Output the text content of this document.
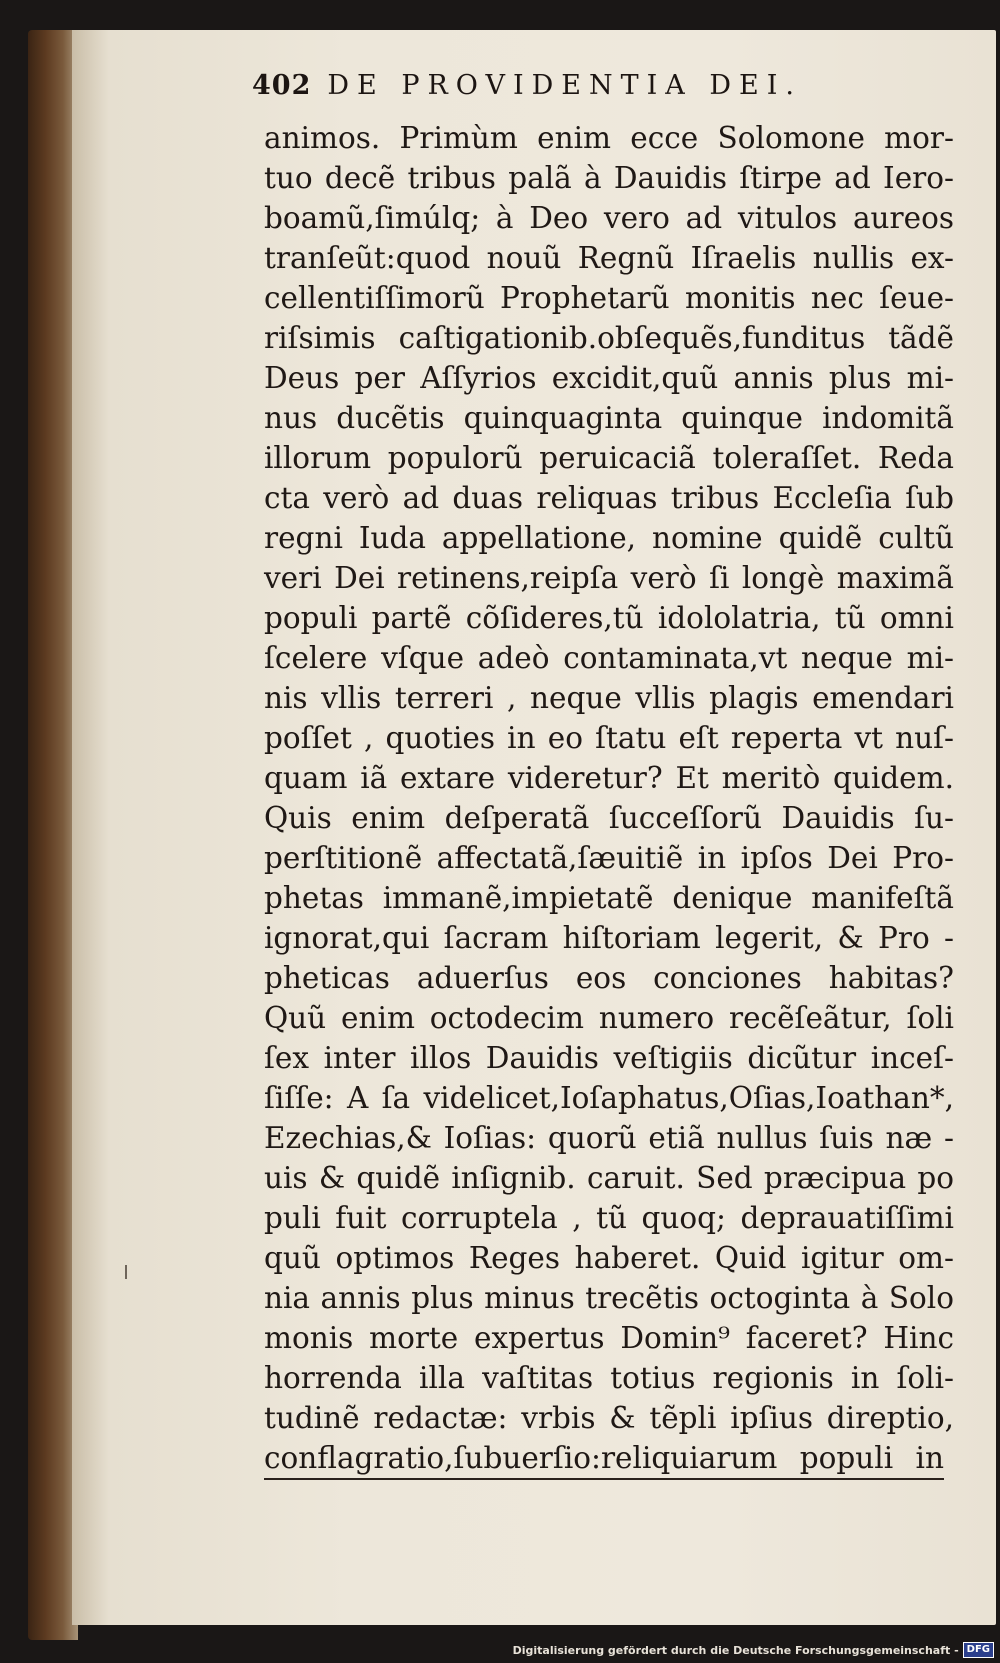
402 DE PROVIDENTIA DEI.
animos. Primùm enim ecce Solomone mor-
tuo decẽ tribus palã à Dauidis ſtirpe ad Iero-
boamũ,ſimúlq; à Deo vero ad vitulos aureos
tranſeũt:quod nouũ Regnũ Iſraelis nullis ex-
cellentiſſimorũ Prophetarũ monitis nec ſeue-
riſsimis caſtigationib.obſequẽs,funditus tãdẽ
Deus per Aſſyrios excidit,quũ annis plus mi-
nus ducẽtis quinquaginta quinque indomitã
illorum populorũ peruicaciã toleraſſet. Reda
cta verò ad duas reliquas tribus Eccleſia ſub
regni Iuda appellatione, nomine quidẽ cultũ
veri Dei retinens,reipſa verò ſi longè maximã
populi partẽ cõſideres,tũ idololatria, tũ omni
ſcelere vſque adeò contaminata,vt neque mi-
nis vllis terreri , neque vllis plagis emendari
poſſet , quoties in eo ſtatu eſt reperta vt nuſ-
quam iã extare videretur? Et meritò quidem.
Quis enim deſperatã ſucceſſorũ Dauidis ſu-
perſtitionẽ affectatã,ſæuitiẽ in ipſos Dei Pro-
phetas immanẽ,impietatẽ denique manifeſtã
ignorat,qui ſacram hiſtoriam legerit, & Pro -
pheticas aduerſus eos conciones habitas?
Quũ enim octodecim numero recẽſeãtur, ſoli
ſex inter illos Dauidis veſtigiis dicũtur inceſ-
ſiſſe: A ſa videlicet,Ioſaphatus,Oſias,Ioathan*,
Ezechias,& Ioſias: quorũ etiã nullus ſuis næ -
uis & quidẽ inſignib. caruit. Sed præcipua po
puli fuit corruptela , tũ quoq; deprauatiſſimi
quũ optimos Reges haberet. Quid igitur om-
nia annis plus minus trecẽtis octoginta à Solo
monis morte expertus Domin⁹ faceret? Hinc
horrenda illa vaſtitas totius regionis in ſoli-
tudinẽ redactæ: vrbis & tẽpli ipſius direptio,
conflagratio,ſubuerſio:reliquiarum populi in
Digitalisierung gefördert durch die Deutsche Forschungsgemeinschaft - DFG
